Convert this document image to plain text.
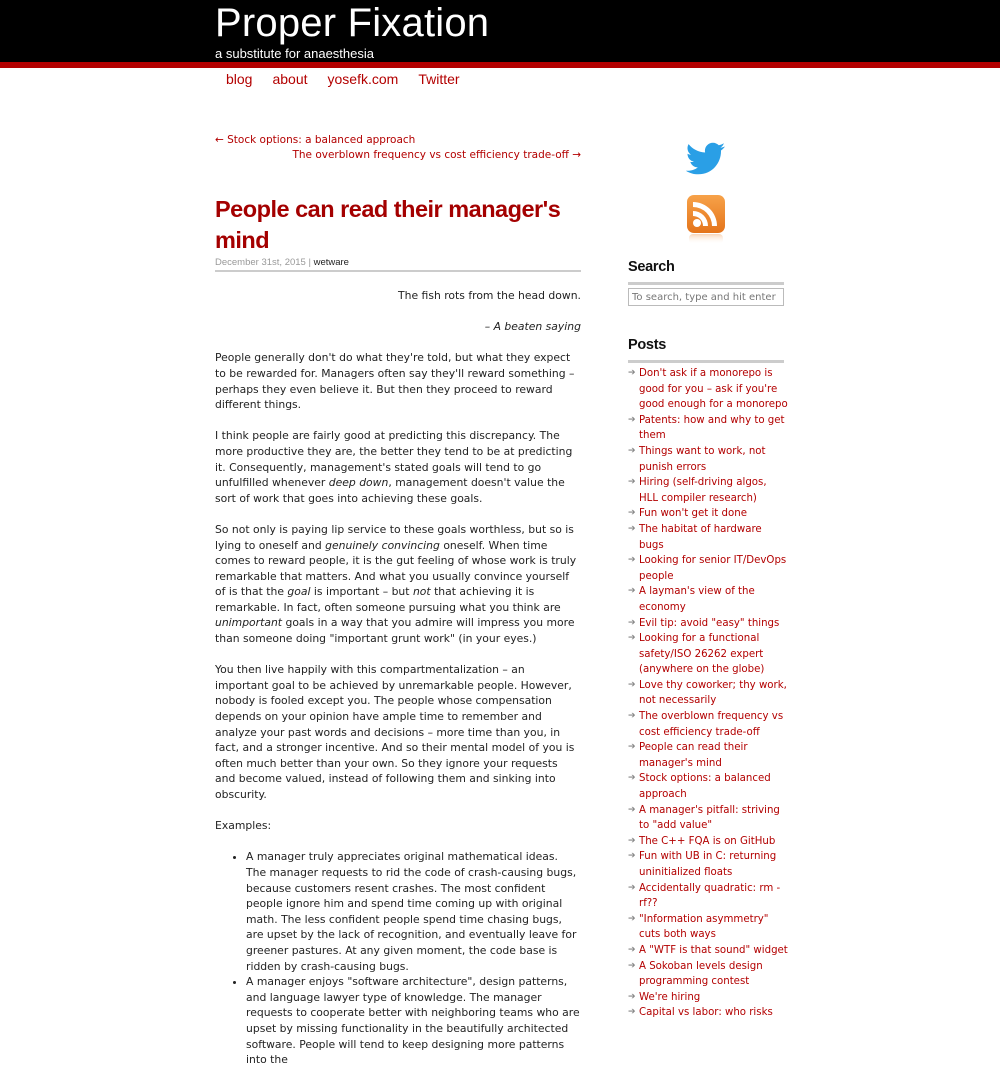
Proper Fixation
a substitute for anaesthesia
blog	about	yosefk.com	Twitter
← Stock options: a balanced approach
The overblown frequency vs cost efficiency trade-off →
People can read their manager's mind
December 31st, 2015 | wetware

The fish rots from the head down.

– A beaten saying

People generally don't do what they're told, but what they expect to be rewarded for. Managers often say they'll reward something – perhaps they even believe it. But then they proceed to reward different things.

I think people are fairly good at predicting this discrepancy. The more productive they are, the better they tend to be at predicting it. Consequently, management's stated goals will tend to go unfulfilled whenever deep down, management doesn't value the sort of work that goes into achieving these goals.

So not only is paying lip service to these goals worthless, but so is lying to oneself and genuinely convincing oneself. When time comes to reward people, it is the gut feeling of whose work is truly remarkable that matters. And what you usually convince yourself of is that the goal is important – but not that achieving it is remarkable. In fact, often someone pursuing what you think are unimportant goals in a way that you admire will impress you more than someone doing "important grunt work" (in your eyes.)

You then live happily with this compartmentalization – an important goal to be achieved by unremarkable people. However, nobody is fooled except you. The people whose compensation depends on your opinion have ample time to remember and analyze your past words and decisions – more time than you, in fact, and a stronger incentive. And so their mental model of you is often much better than your own. So they ignore your requests and become valued, instead of following them and sinking into obscurity.

Examples:

• A manager truly appreciates original mathematical ideas. The manager requests to rid the code of crash-causing bugs, because customers resent crashes. The most confident people ignore him and spend time coming up with original math. The less confident people spend time chasing bugs, are upset by the lack of recognition, and eventually leave for greener pastures. At any given moment, the code base is ridden by crash-causing bugs.
• A manager enjoys "software architecture", design patterns, and language lawyer type of knowledge. The manager requests to cooperate better with neighboring teams who are upset by missing functionality in the beautifully architected software. People will tend to keep designing more patterns into the
Search
To search, type and hit enter
Posts
➔ Don't ask if a monorepo is good for you – ask if you're good enough for a monorepo
➔ Patents: how and why to get them
➔ Things want to work, not punish errors
➔ Hiring (self-driving algos, HLL compiler research)
➔ Fun won't get it done
➔ The habitat of hardware bugs
➔ Looking for senior IT/DevOps people
➔ A layman's view of the economy
➔ Evil tip: avoid "easy" things
➔ Looking for a functional safety/ISO 26262 expert (anywhere on the globe)
➔ Love thy coworker; thy work, not necessarily
➔ The overblown frequency vs cost efficiency trade-off
➔ People can read their manager's mind
➔ Stock options: a balanced approach
➔ A manager's pitfall: striving to "add value"
➔ The C++ FQA is on GitHub
➔ Fun with UB in C: returning uninitialized floats
➔ Accidentally quadratic: rm -rf??
➔ "Information asymmetry" cuts both ways
➔ A "WTF is that sound" widget
➔ A Sokoban levels design programming contest
➔ We're hiring
➔ Capital vs labor: who risks
